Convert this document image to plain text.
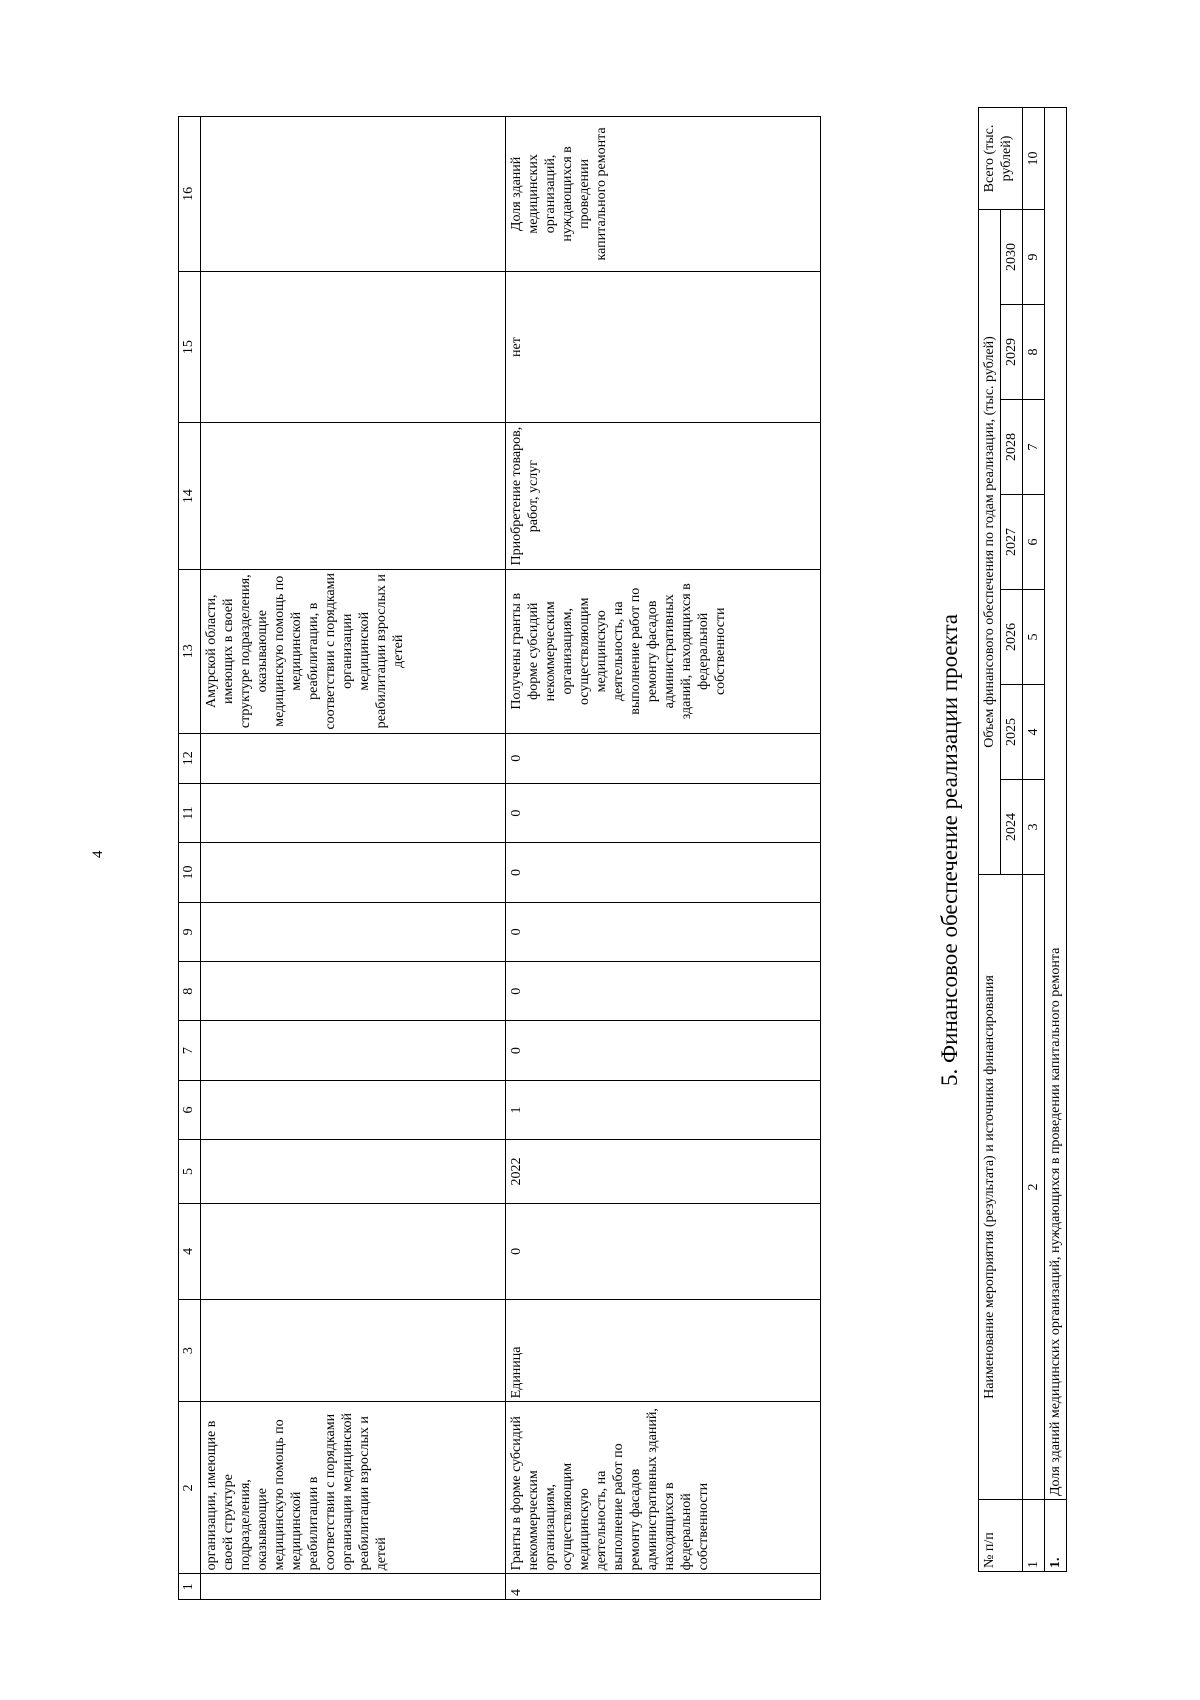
4
1	2	3	4	5	6	7	8	9	10	11	12	13	14	15	16
	организации, имеющие в своей структуре подразделения, оказывающие медицинскую помощь по медицинской реабилитации в соответствии с порядками организации медицинской реабилитации взрослых и детей											Амурской области, имеющих в своей структуре подразделения, оказывающие медицинскую помощь по медицинской реабилитации, в соответствии с порядками организации медицинской реабилитации взрослых и детей			
4	Гранты в форме субсидий некоммерческим организациям, осуществляющим медицинскую деятельность, на выполнение работ по ремонту фасадов административных зданий, находящихся в федеральной собственности	Единица	0	2022	1	0	0	0	0	0	0	Получены гранты в форме субсидий некоммерческим организациям, осуществляющим медицинскую деятельность, на выполнение работ по ремонту фасадов административных зданий, находящихся в федеральной собственности	Приобретение товаров, работ, услуг	нет	Доля зданий медицинских организаций, нуждающихся в проведении капитального ремонта
5. Финансовое обеспечение реализации проекта
№ п/п	Наименование мероприятия (результата) и источники финансирования	Объем финансового обеспечения по годам реализации, (тыс. рублей)							Всего (тыс. рублей)
		2024	2025	2026	2027	2028	2029	2030	
1	2	3	4	5	6	7	8	9	10
1.	Доля зданий медицинских организаций, нуждающихся в проведении капитального ремонта								
